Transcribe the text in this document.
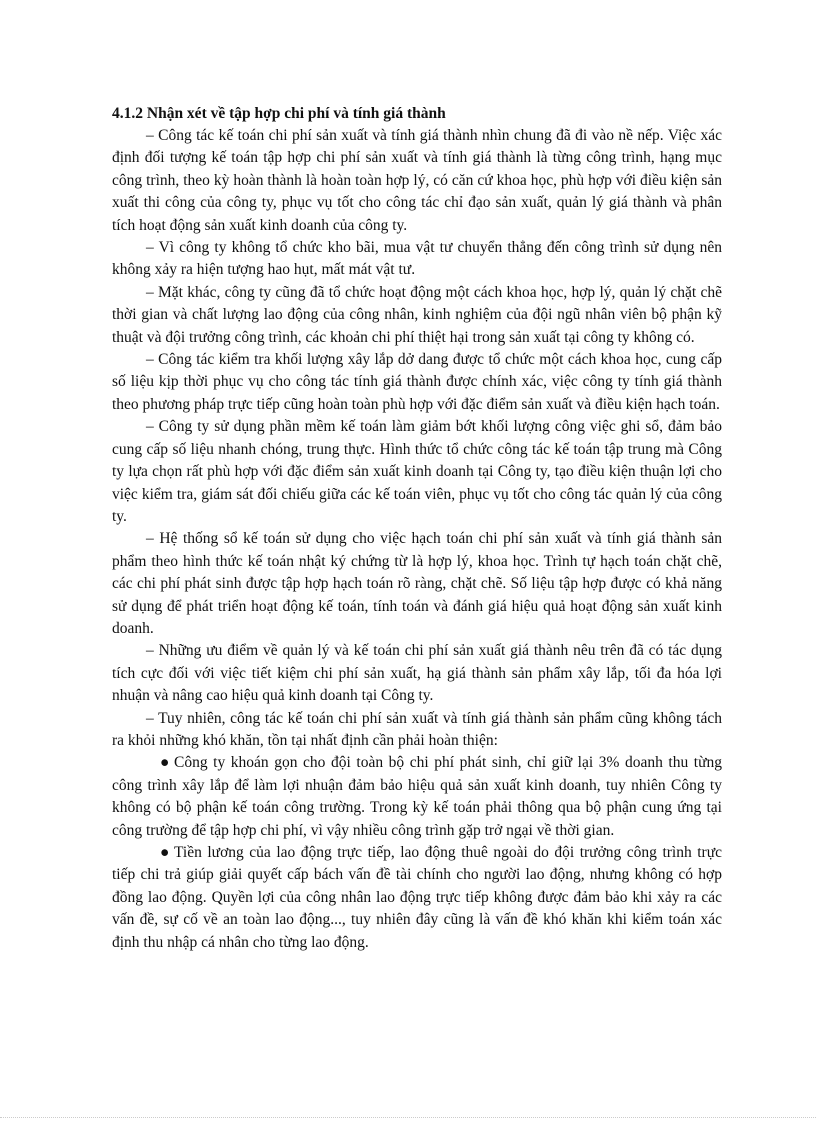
4.1.2 Nhận xét về tập hợp chi phí và tính giá thành

– Công tác kế toán chi phí sản xuất và tính giá thành nhìn chung đã đi vào nề nếp. Việc xác định đối tượng kế toán tập hợp chi phí sản xuất và tính giá thành là từng công trình, hạng mục công trình, theo kỳ hoàn thành là hoàn toàn hợp lý, có căn cứ khoa học, phù hợp với điều kiện sản xuất thi công của công ty, phục vụ tốt cho công tác chỉ đạo sản xuất, quản lý giá thành và phân tích hoạt động sản xuất kinh doanh của công ty.

– Vì công ty không tổ chức kho bãi, mua vật tư chuyển thẳng đến công trình sử dụng nên không xảy ra hiện tượng hao hụt, mất mát vật tư.

– Mặt khác, công ty cũng đã tổ chức hoạt động một cách khoa học, hợp lý, quản lý chặt chẽ thời gian và chất lượng lao động của công nhân, kinh nghiệm của đội ngũ nhân viên bộ phận kỹ thuật và đội trưởng công trình, các khoản chi phí thiệt hại trong sản xuất tại công ty không có.

– Công tác kiểm tra khối lượng xây lắp dở dang được tổ chức một cách khoa học, cung cấp số liệu kịp thời phục vụ cho công tác tính giá thành được chính xác, việc công ty tính giá thành theo phương pháp trực tiếp cũng hoàn toàn phù hợp với đặc điểm sản xuất và điều kiện hạch toán.

– Công ty sử dụng phần mềm kế toán làm giảm bớt khối lượng công việc ghi sổ, đảm bảo cung cấp số liệu nhanh chóng, trung thực. Hình thức tổ chức công tác kế toán tập trung mà Công ty lựa chọn rất phù hợp với đặc điểm sản xuất kinh doanh tại Công ty, tạo điều kiện thuận lợi cho việc kiểm tra, giám sát đối chiếu giữa các kế toán viên, phục vụ tốt cho công tác quản lý của công ty.

– Hệ thống sổ kế toán sử dụng cho việc hạch toán chi phí sản xuất và tính giá thành sản phẩm theo hình thức kế toán nhật ký chứng từ là hợp lý, khoa học. Trình tự hạch toán chặt chẽ, các chi phí phát sinh được tập hợp hạch toán rõ ràng, chặt chẽ. Số liệu tập hợp được có khả năng sử dụng để phát triển hoạt động kế toán, tính toán và đánh giá hiệu quả hoạt động sản xuất kinh doanh.

– Những ưu điểm về quản lý và kế toán chi phí sản xuất giá thành nêu trên đã có tác dụng tích cực đối với việc tiết kiệm chi phí sản xuất, hạ giá thành sản phẩm xây lắp, tối đa hóa lợi nhuận và nâng cao hiệu quả kinh doanh tại Công ty.

– Tuy nhiên, công tác kế toán chi phí sản xuất và tính giá thành sản phẩm cũng không tách ra khỏi những khó khăn, tồn tại nhất định cần phải hoàn thiện:

● Công ty khoán gọn cho đội toàn bộ chi phí phát sinh, chỉ giữ lại 3% doanh thu từng công trình xây lắp để làm lợi nhuận đảm bảo hiệu quả sản xuất kinh doanh, tuy nhiên Công ty không có bộ phận kế toán công trường. Trong kỳ kế toán phải thông qua bộ phận cung ứng tại công trường để tập hợp chi phí, vì vậy nhiều công trình gặp trở ngại về thời gian.

● Tiền lương của lao động trực tiếp, lao động thuê ngoài do đội trưởng công trình trực tiếp chi trả giúp giải quyết cấp bách vấn đề tài chính cho người lao động, nhưng không có hợp đồng lao động. Quyền lợi của công nhân lao động trực tiếp không được đảm bảo khi xảy ra các vấn đề, sự cố về an toàn lao động..., tuy nhiên đây cũng là vấn đề khó khăn khi kiểm toán xác định thu nhập cá nhân cho từng lao động.
